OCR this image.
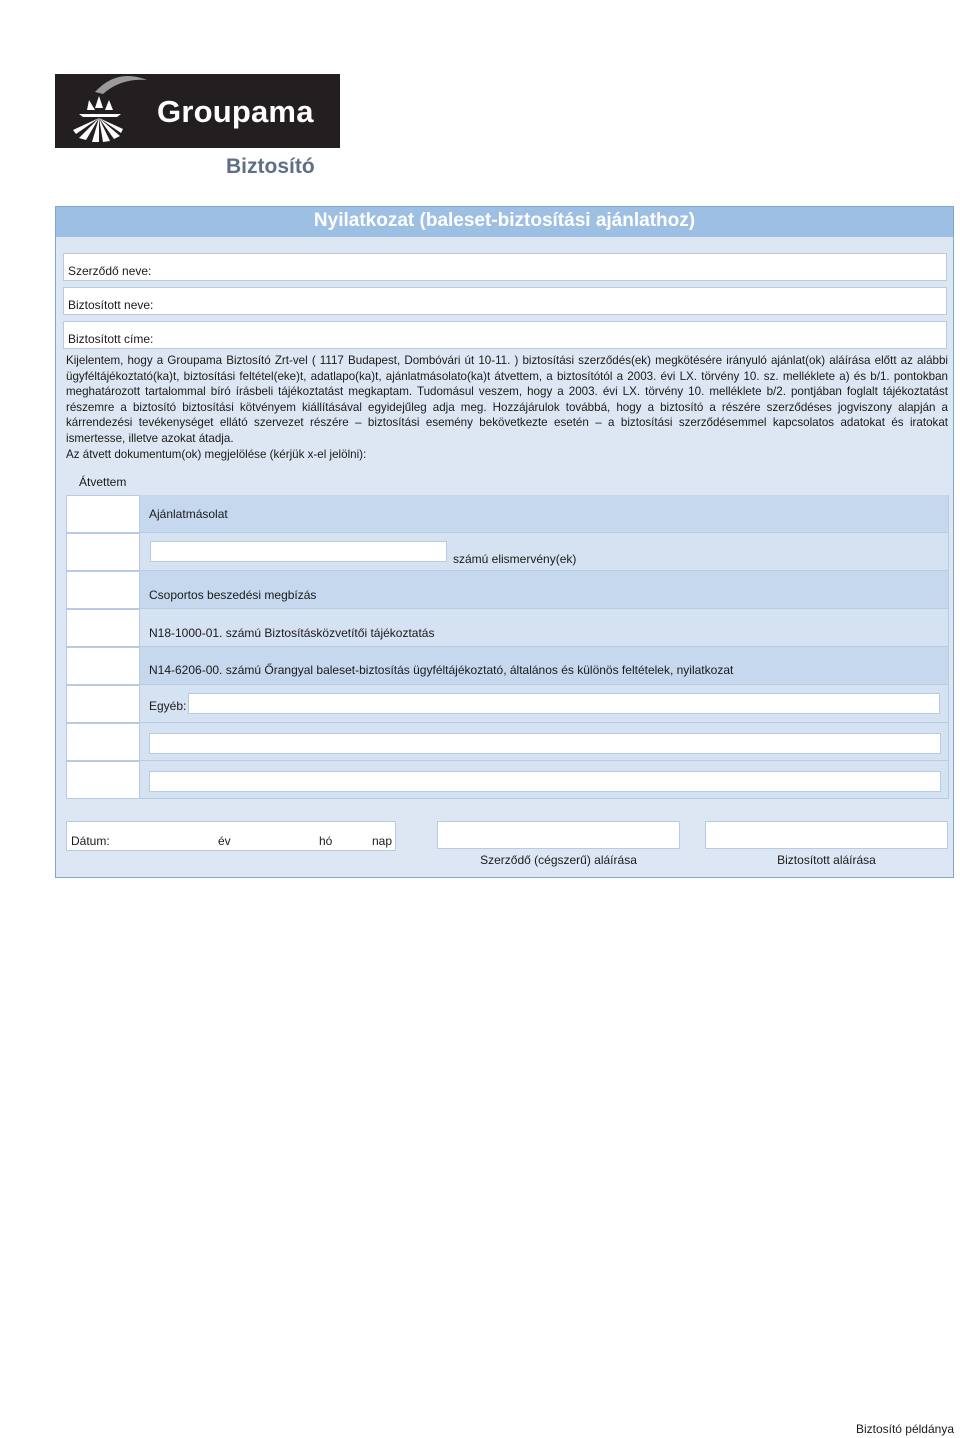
Groupama
Biztosító
Nyilatkozat (baleset-biztosítási ajánlathoz)
Szerződő neve:
Biztosított neve:
Biztosított címe:

Kijelentem, hogy a Groupama Biztosító Zrt-vel ( 1117 Budapest, Dombóvári út 10-11. ) biztosítási szerződés(ek) megkötésére irányuló ajánlat(ok) aláírása előtt az alábbi ügyféltájékoztató(ka)t, biztosítási feltétel(eke)t, adatlapo(ka)t, ajánlatmásolato(ka)t átvettem, a biztosítótól a 2003. évi LX. törvény 10. sz. melléklete a) és b/1. pontokban meghatározott tartalommal bíró írásbeli tájékoztatást megkaptam. Tudomásul veszem, hogy a 2003. évi LX. törvény 10. melléklete b/2. pontjában foglalt tájékoztatást részemre a biztosító biztosítási kötvényem kiállításával egyidejűleg adja meg. Hozzájárulok továbbá, hogy a biztosító a részére szerződéses jogviszony alapján a kárrendezési tevékenységet ellátó szervezet részére – biztosítási esemény bekövetkezte esetén – a biztosítási szerződésemmel kapcsolatos adatokat és iratokat ismertesse, illetve azokat átadja.

Az átvett dokumentum(ok) megjelölése (kérjük x-el jelölni):
Átvettem
Ajánlatmásolat
számú elismervény(ek)
Csoportos beszedési megbízás
N18-1000-01. számú Biztosításközvetítői tájékoztatás
N14-6206-00. számú Őrangyal baleset-biztosítás ügyféltájékoztató, általános és különös feltételek, nyilatkozat
Egyéb:
Dátum:	év	hó	nap
Szerződő (cégszerű) aláírása	Biztosított aláírása
Biztosító példánya
